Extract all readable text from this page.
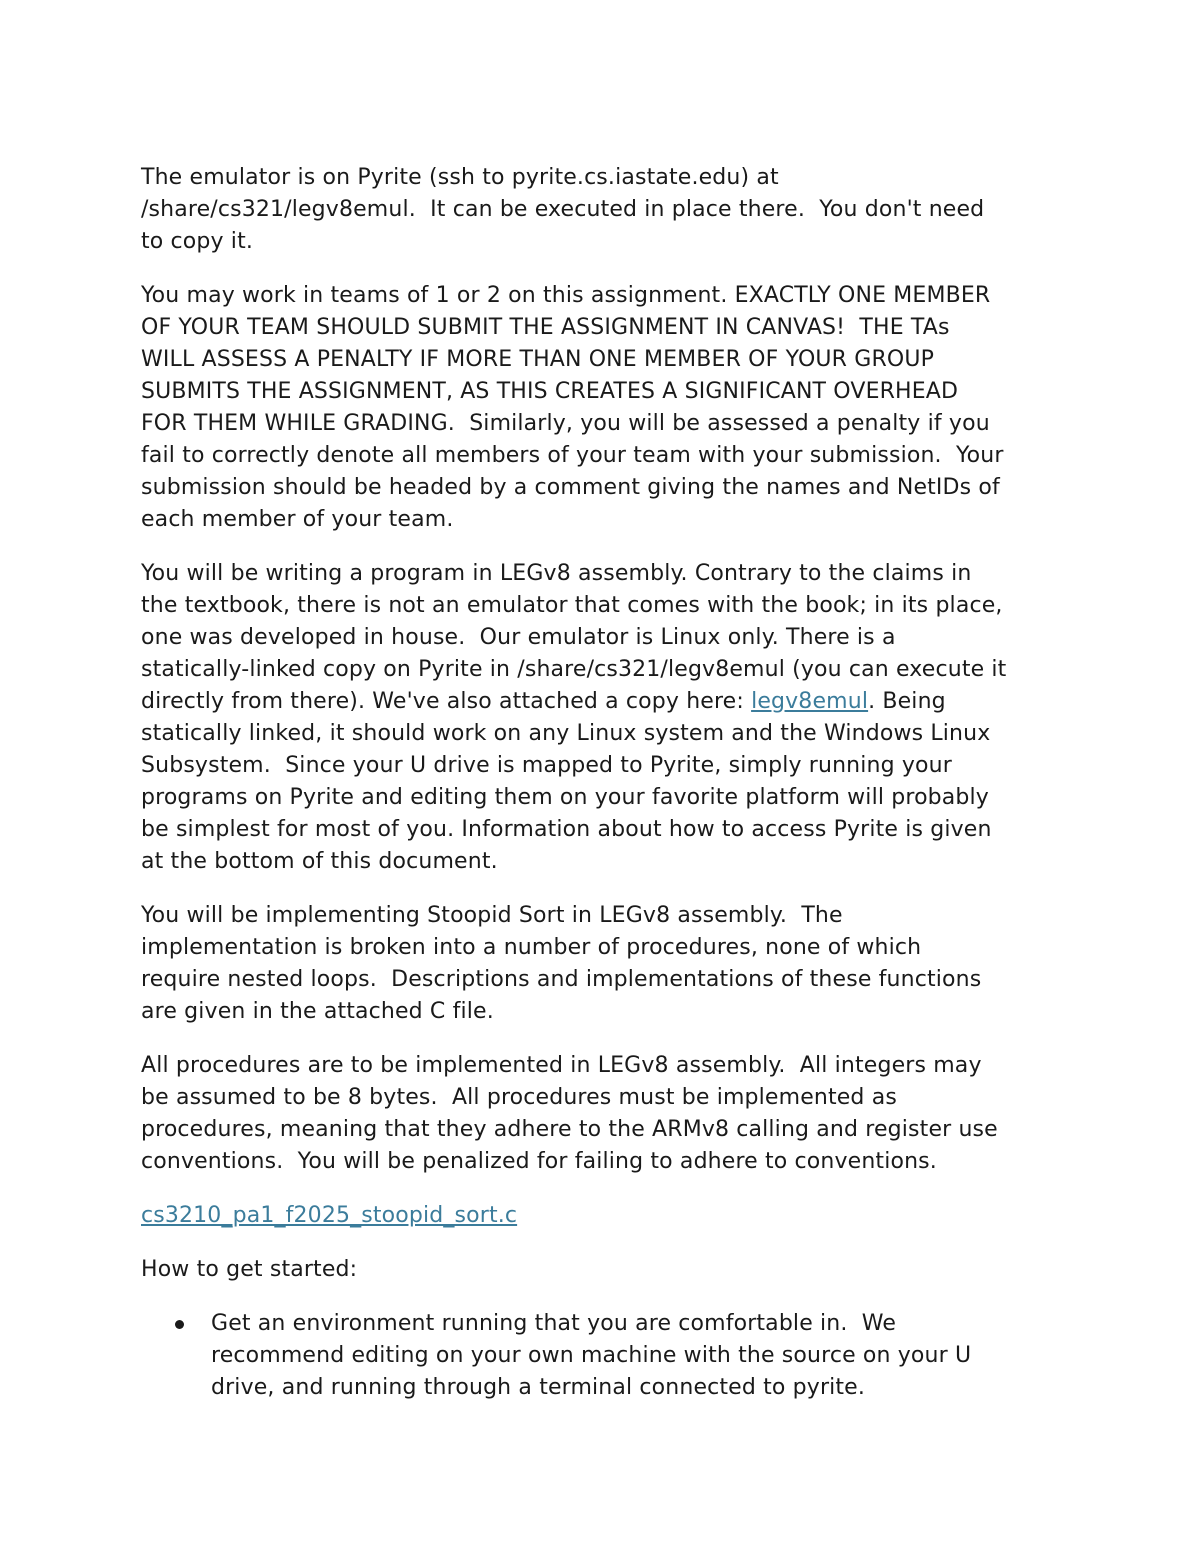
The emulator is on Pyrite (ssh to pyrite.cs.iastate.edu) at
/share/cs321/legv8emul.  It can be executed in place there.  You don't need
to copy it.

You may work in teams of 1 or 2 on this assignment. EXACTLY ONE MEMBER
OF YOUR TEAM SHOULD SUBMIT THE ASSIGNMENT IN CANVAS!  THE TAs
WILL ASSESS A PENALTY IF MORE THAN ONE MEMBER OF YOUR GROUP
SUBMITS THE ASSIGNMENT, AS THIS CREATES A SIGNIFICANT OVERHEAD
FOR THEM WHILE GRADING.  Similarly, you will be assessed a penalty if you
fail to correctly denote all members of your team with your submission.  Your
submission should be headed by a comment giving the names and NetIDs of
each member of your team.

You will be writing a program in LEGv8 assembly. Contrary to the claims in
the textbook, there is not an emulator that comes with the book; in its place,
one was developed in house.  Our emulator is Linux only. There is a
statically-linked copy on Pyrite in /share/cs321/legv8emul (you can execute it
directly from there). We've also attached a copy here: legv8emul. Being
statically linked, it should work on any Linux system and the Windows Linux
Subsystem.  Since your U drive is mapped to Pyrite, simply running your
programs on Pyrite and editing them on your favorite platform will probably
be simplest for most of you. Information about how to access Pyrite is given
at the bottom of this document.

You will be implementing Stoopid Sort in LEGv8 assembly.  The
implementation is broken into a number of procedures, none of which
require nested loops.  Descriptions and implementations of these functions
are given in the attached C file.

All procedures are to be implemented in LEGv8 assembly.  All integers may
be assumed to be 8 bytes.  All procedures must be implemented as
procedures, meaning that they adhere to the ARMv8 calling and register use
conventions.  You will be penalized for failing to adhere to conventions.

cs3210_pa1_f2025_stoopid_sort.c

How to get started:

Get an environment running that you are comfortable in.  We
recommend editing on your own machine with the source on your U
drive, and running through a terminal connected to pyrite.
